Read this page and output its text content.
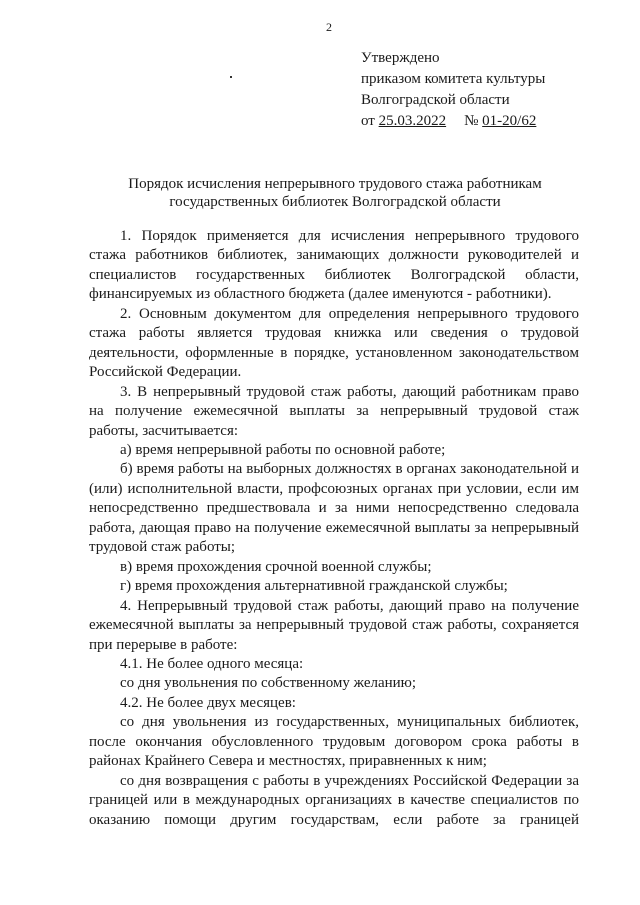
2
Утверждено
приказом комитета культуры
Волгоградской области
от 25.03.2022 № 01-20/62
Порядок исчисления непрерывного трудового стажа работникам
государственных библиотек Волгоградской области

1. Порядок применяется для исчисления непрерывного трудового стажа работников библиотек, занимающих должности руководителей и специалистов государственных библиотек Волгоградской области, финансируемых из областного бюджета (далее именуются - работники).

2. Основным документом для определения непрерывного трудового стажа работы является трудовая книжка или сведения о трудовой деятельности, оформленные в порядке, установленном законодательством Российской Федерации.

3. В непрерывный трудовой стаж работы, дающий работникам право на получение ежемесячной выплаты за непрерывный трудовой стаж работы, засчитывается:

а) время непрерывной работы по основной работе;

б) время работы на выборных должностях в органах законодательной и (или) исполнительной власти, профсоюзных органах при условии, если им непосредственно предшествовала и за ними непосредственно следовала работа, дающая право на получение ежемесячной выплаты за непрерывный трудовой стаж работы;

в) время прохождения срочной военной службы;

г) время прохождения альтернативной гражданской службы;

4. Непрерывный трудовой стаж работы, дающий право на получение ежемесячной выплаты за непрерывный трудовой стаж работы, сохраняется при перерыве в работе:

4.1. Не более одного месяца:

со дня увольнения по собственному желанию;

4.2. Не более двух месяцев:

со дня увольнения из государственных, муниципальных библиотек, после окончания обусловленного трудовым договором срока работы в районах Крайнего Севера и местностях, приравненных к ним;

со дня возвращения с работы в учреждениях Российской Федерации за границей или в международных организациях в качестве специалистов по оказанию помощи другим государствам, если работе за границей
